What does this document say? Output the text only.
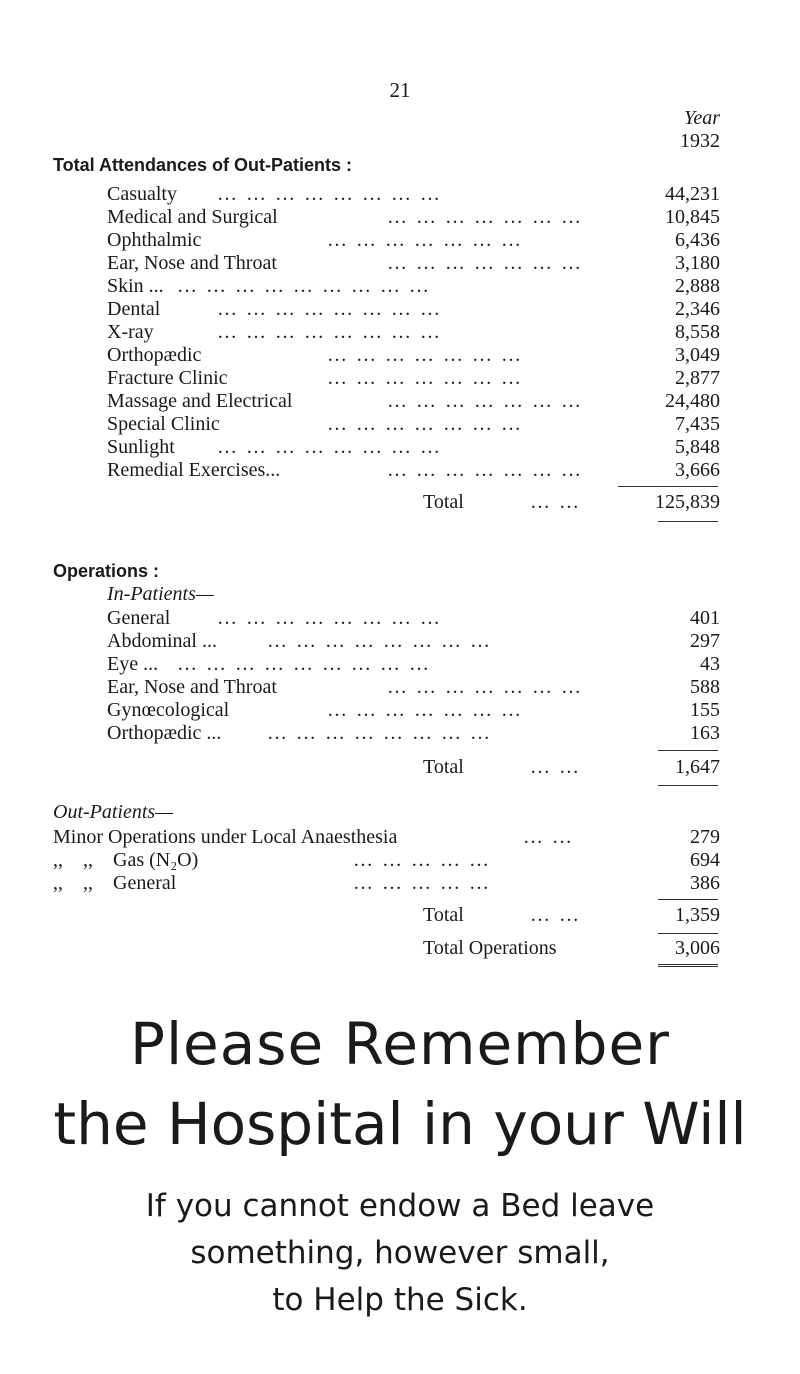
21
Year
1932
Total Attendances of Out-Patients :
Casualty … … … … … … … …	44,231
Medical and Surgical	… … … … … … …	10,845
Ophthalmic	… … … … … … …	6,436
Ear, Nose and Throat	… … … … … … …	3,180
Skin ... … … … … … … … … …	2,888
Dental	… … … … … … … …	2,346
X-ray	… … … … … … … …	8,558
Orthopædic	… … … … … … …	3,049
Fracture Clinic	… … … … … … …	2,877
Massage and Electrical	… … … … … … …	24,480
Special Clinic	… … … … … … …	7,435
Sunlight … … … … … … … …	5,848
Remedial Exercises...	… … … … … … …	3,666
Total	… …	125,839
Operations :
In-Patients—
General … … … … … … … …	401
Abdominal ...	… … … … … … … …	297
Eye ... … … … … … … … … …	43
Ear, Nose and Throat	… … … … … … …	588
Gynœcological	… … … … … … …	155
Orthopædic ... … … … … … … … …	163
Total	… …	1,647
Out-Patients—
Minor Operations under Local Anaesthesia	… …	279
,,    ,,    Gas (N₂O)	… … … … …	694
,,    ,,    General	… … … … …	386
Total	… …	1,359
Total Operations	3,006
Please Remember
the Hospital in your Will
If you cannot endow a Bed leave
something, however small,
to Help the Sick.
